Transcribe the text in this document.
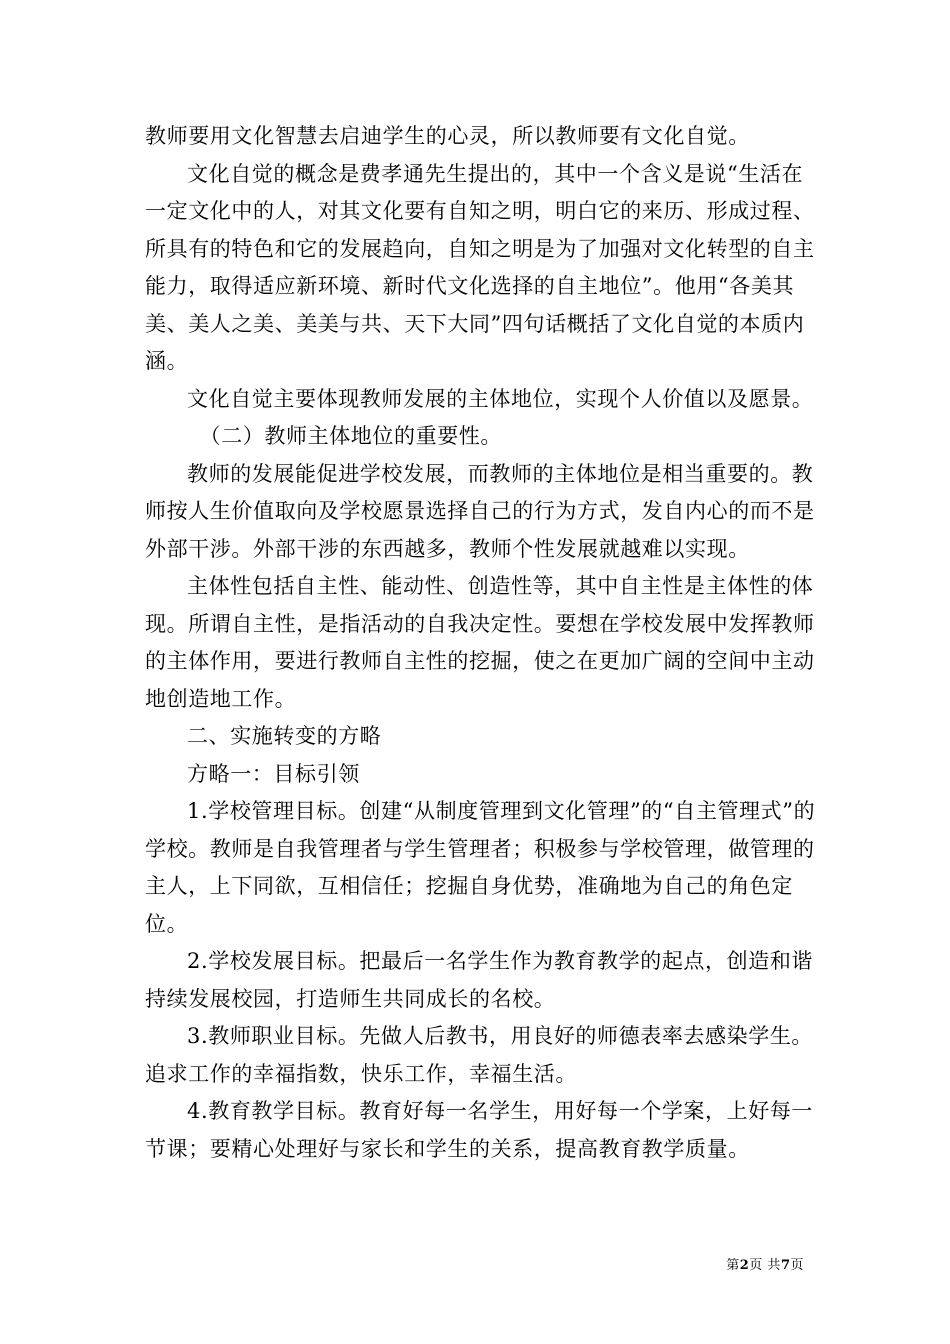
教师要用文化智慧去启迪学生的心灵，所以教师要有文化自觉。

文化自觉的概念是费孝通先生提出的，其中一个含义是说“生活在一定文化中的人，对其文化要有自知之明，明白它的来历、形成过程、所具有的特色和它的发展趋向，自知之明是为了加强对文化转型的自主能力，取得适应新环境、新时代文化选择的自主地位”。他用“各美其美、美人之美、美美与共、天下大同”四句话概括了文化自觉的本质内涵。

文化自觉主要体现教师发展的主体地位，实现个人价值以及愿景。

（二）教师主体地位的重要性。

教师的发展能促进学校发展，而教师的主体地位是相当重要的。教师按人生价值取向及学校愿景选择自己的行为方式，发自内心的而不是外部干涉。外部干涉的东西越多，教师个性发展就越难以实现。

主体性包括自主性、能动性、创造性等，其中自主性是主体性的体现。所谓自主性，是指活动的自我决定性。要想在学校发展中发挥教师的主体作用，要进行教师自主性的挖掘，使之在更加广阔的空间中主动地创造地工作。

二、实施转变的方略

方略一：目标引领

1.学校管理目标。创建“从制度管理到文化管理”的“自主管理式”的学校。教师是自我管理者与学生管理者；积极参与学校管理，做管理的主人，上下同欲，互相信任；挖掘自身优势，准确地为自己的角色定位。

2.学校发展目标。把最后一名学生作为教育教学的起点，创造和谐持续发展校园，打造师生共同成长的名校。

3.教师职业目标。先做人后教书，用良好的师德表率去感染学生。追求工作的幸福指数，快乐工作，幸福生活。

4.教育教学目标。教育好每一名学生，用好每一个学案，上好每一节课；要精心处理好与家长和学生的关系，提高教育教学质量。

第2页 共7页
